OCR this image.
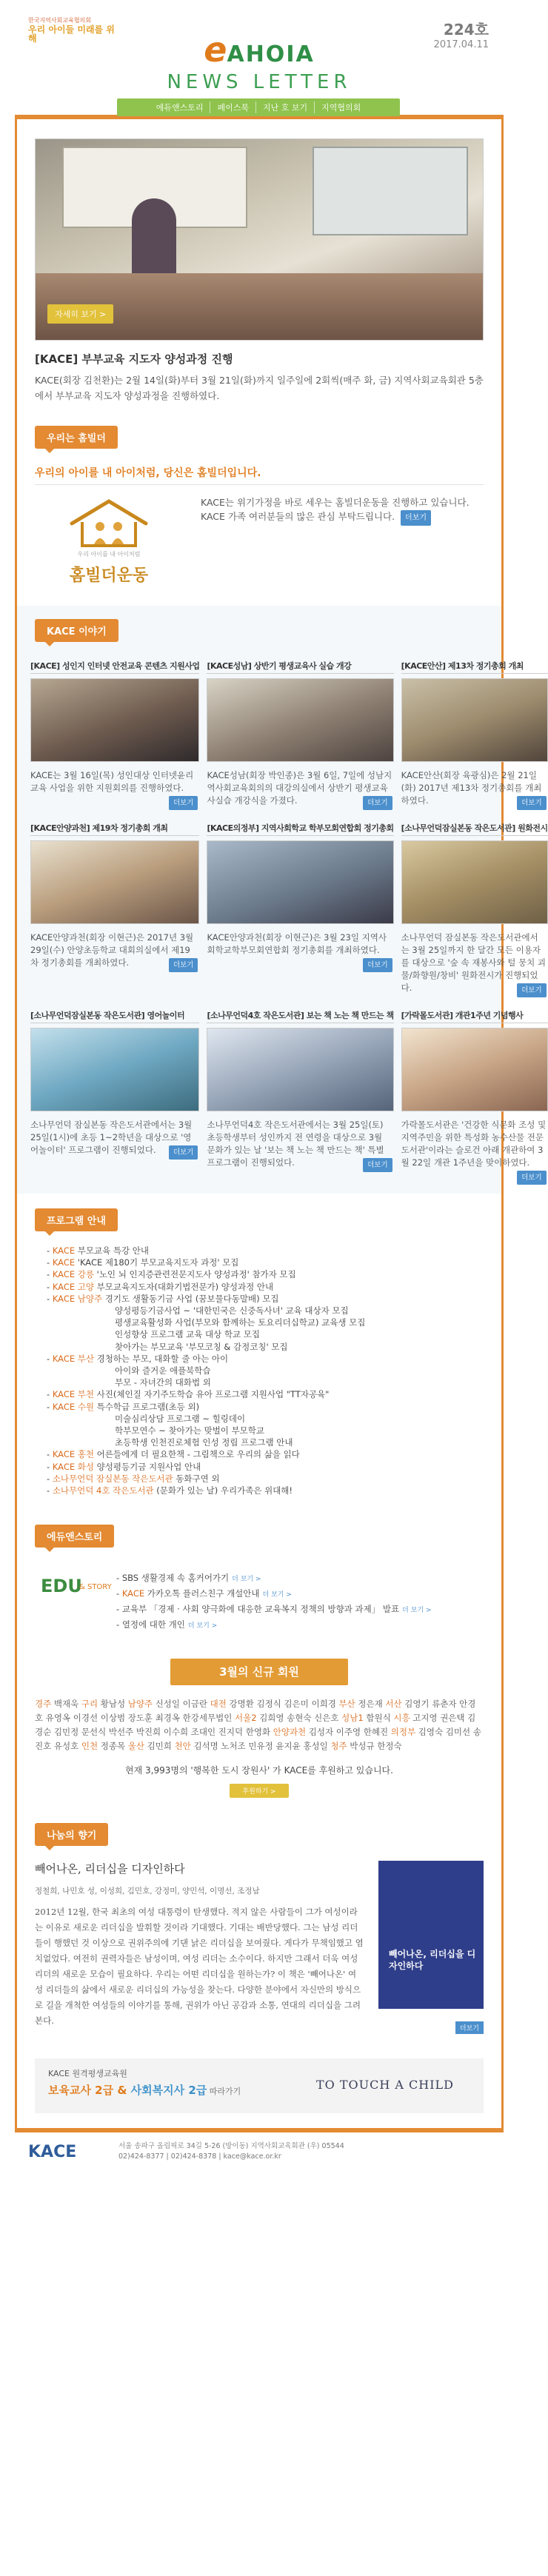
한국지역사회교육협의회
우리 아이들 미래를 위해	224호
2017.04.11
eAHOIA
NEWS LETTER
에듀앤스토리	페이스북	지난 호 보기	지역협의회
자세히 보기 >
[KACE] 부부교육 지도자 양성과정 진행
KACE(회장 김천환)는 2월 14일(화)부터 3월 21일(화)까지 일주일에 2회씩(매주 화, 금) 지역사회교육회관 5층에서 부부교육 지도자 양성과정을 진행하였다.
우리는 홈빌더
우리의 아이를 내 아이처럼, 당신은 홈빌더입니다.
우리 아이를 내 아이처럼
홈빌더운동
KACE는 위기가정을 바로 세우는 홈빌더운동을 진행하고 있습니다. KACE 가족 여러분들의 많은 관심 부탁드립니다. 더보기
KACE 이야기
[KACE] 성인지 인터넷 안전교육 콘텐츠 지원사업
KACE는 3월 16일(목) 성인대상 인터넷윤리교육 사업을 위한 지원회의를 진행하였다.
더보기
[KACE성남] 상반기 평생교육사 실습 개강
KACE성남(회장 박인종)은 3월 6일, 7일에 성남지역사회교육회의의 대강의실에서 상반기 평생교육사실습 개강식을 가졌다.	더보기
[KACE안산] 제13차 정기총회 개최
KACE안산(회장 육광심)은 2월 21일(화) 2017년 제13차 정기총회를 개최하였다.	더보기
[KACE안양과천] 제19차 정기총회 개최
KACE안양과천(회장 이현근)은 2017년 3월 29일(수) 안양초등학교 대회의실에서 제19차 정기총회를 개최하였다.	더보기
[KACE의정부] 지역사회학교 학부모회연합회 정기총회
KACE안양과천(회장 이현근)은 3월 23일 지역사회학교학부모회연합회 정기총회를 개최하였다.
더보기
[소나무언덕잠실본동 작은도서관] 원화전시
소나무언덕 잠실본동 작은도서관에서는 3월 25일까지 한 달간 모든 이용자를 대상으로 '숲 속 재봉사와 털 뭉치 괴물/화향원/창비' 원화전시가 진행되었다.	더보기
[소나무언덕잠실본동 작은도서관] 영어놀이터
소나무언덕 잠실본동 작은도서관에서는 3월 25일(1시)에 초등 1~2학년을 대상으로 '영어놀이터' 프로그램이 진행되었다.	더보기
[소나무언덕4호 작은도서관] 보는 책 노는 책 만드는 책
소나무언덕4호 작은도서관에서는 3월 25일(토) 초등학생부터 성인까지 전 연령을 대상으로 3월 문화가 있는 날 '보는 책 노는 책 만드는 책' 특별 프로그램이 진행되었다.	더보기
[가락몰도서관] 개관1주년 기념행사
가락몰도서관은 '건강한 식문화 조성 및 지역주민을 위한 특성화 농수산물 전문 도서관'이라는 슬로건 아래 개관하여 3월 22일 개관 1주년을 맞이하였다.
더보기
프로그램 안내
- KACE 부모교육 특강 안내
- KACE 'KACE 제180기 부모교육지도자 과정' 모집
- KACE 강릉 '노인 뇌 인지증관련전문지도사 양성과정' 참가자 모집
- KACE 고양 부모교육지도자(대화기법전문가) 양성과정 안내
- KACE 남양주 경기도 생활동기금 사업 (꿈보물다동말배) 모집
양성평등기금사업 ~ '대한민국은 신중독사녀' 교육 대상자 모집
평생교육활성화 사업(부모와 함께하는 토요리더십학교) 교육생 모집
인성향상 프로그램 교육 대상 학교 모집
찾아가는 부모교육 '부모코칭 & 감정코칭' 모집
- KACE 부산 경청하는 부모, 대화할 줄 아는 아이
아이와 즐거운 애플북학습
부모 - 자녀간의 대화법 외
- KACE 부천 사진(체인질 자기주도학습 유아 프로그램 지원사업 "TT자공육"
- KACE 수원 특수학급 프로그램(초등 외)
미술심리상담 프로그램 ~ 힐링데이
학부모연수 ~ 찾아가는 맞벌이 부모학교
초등학생 인천진로체험 인성 정립 프로그램 안내
- KACE 홍천 어른들에게 더 필요한책 - 그림책으로 우리의 삶을 읽다
- KACE 화성 양성평등기금 지원사업 안내
- 소나무언덕 잠실본동 작은도서관 동화구연 외
- 소나무언덕 4호 작은도서관 (문화가 있는 날) 우리가족은 위대해!
에듀앤스토리
EDU
& STORY
- SBS 생활경제 속 홈커어가기 더 보기 >
- KACE 가카오톡 플러스친구 개설안내 더 보기 >
- 교육부 「경제 · 사회 양극화에 대응한 교육복지 정책의 방향과 과제」 발표 더 보기 >
- 열정에 대한 개인 더 보기 >
3월의 신규 회원
경주 백재욱 구리 황남성 남양주 신성일 이금란 대전 강명환 김정식 김은미 이희경 부산 정은재 서산 김영기 류춘자 안경호 유영옥 이경선 이상범 장도훈 최경옥 한강세무법인 서울2 김희영 송현숙 신은호 성남1 함원식 시흥 고지영 권은택 김경순 김민정 문선식 박선주 박진희 이수희 조대인 진지덕 한영화 안양과천 김성자 이주영 한혜진 의정부 김영숙 김미선 송진호 유성호 인천 정종목 울산 김민희 천안 김석명 노처조 민유정 윤지윤 홍성일 청주 박성규 한정숙
현재 3,993명의 '행복한 도시 장원사' 가 KACE를 후원하고 있습니다.
후원하기 >
나눔의 향기
빼어나온, 리더십을 디자인하다
정철희, 나민호 성, 이성희, 김민호, 강정미, 양민석, 이명선, 조정남
2012년 12월, 한국 최초의 여성 대통령이 탄생했다. 적지 않은 사람들이 그가 여성이라는 이유로 새로운 리더십을 발휘할 것이라 기대했다. 기대는 배반당했다. 그는 남성 리더들이 행했던 것 이상으로 권위주의에 기댄 낡은 리더십을 보여줬다. 게다가 무책임했고 염치없었다. 여전히 권력자들은 남성이며, 여성 리더는 소수이다. 하지만 그래서 더욱 여성 리더의 새로운 모습이 필요하다. 우리는 어떤 리더십을 원하는가? 이 책은 '빼어나온' 여성 리더들의 삶에서 새로운 리더십의 가능성을 찾는다. 다양한 분야에서 자신만의 방식으로 길을 개척한 여성들의 이야기를 통해, 권위가 아닌 공감과 소통, 연대의 리더십을 그려본다.
빼어나온, 리더십을 디자인하다
더보기
KACE 원격평생교육원
보육교사 2급 & 사회복지사 2급 따라가기	TO TOUCH A CHILD
KACE	서울 송파구 올림픽로 34길 5-26 (방이동) 지역사회교육회관 (우) 05544
02)424-8377 | 02)424-8378 | kace@kace.or.kr
